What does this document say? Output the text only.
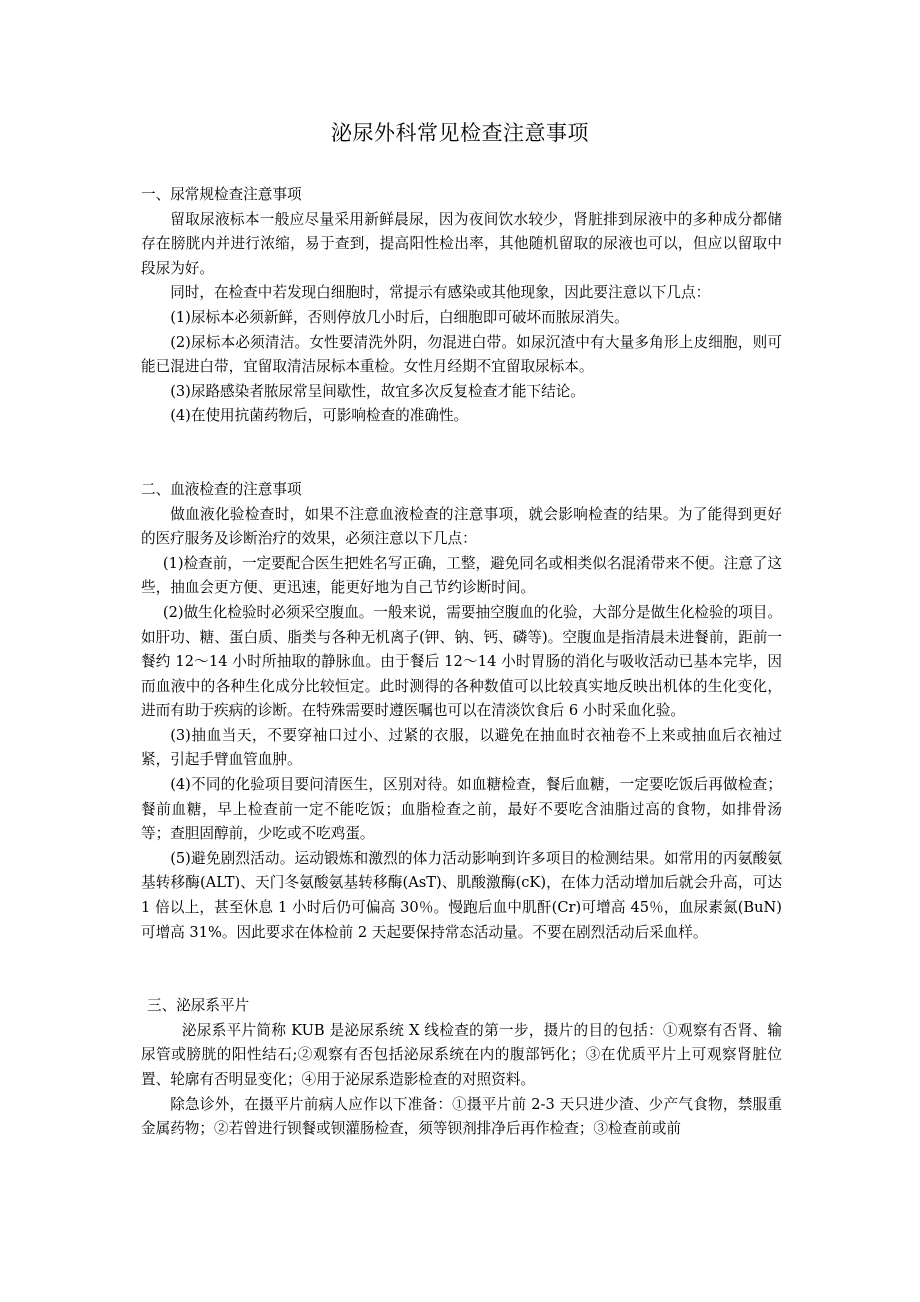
泌尿外科常见检查注意事项

一、尿常规检查注意事项

留取尿液标本一般应尽量采用新鲜晨尿，因为夜间饮水较少，肾脏排到尿液中的多种成分都储存在膀胱内并进行浓缩，易于查到，提高阳性检出率，其他随机留取的尿液也可以，但应以留取中段尿为好。

同时，在检查中若发现白细胞时，常提示有感染或其他现象，因此要注意以下几点：

(1)尿标本必须新鲜，否则停放几小时后，白细胞即可破坏而脓尿消失。

(2)尿标本必须清洁。女性要清洗外阴，勿混进白带。如尿沉渣中有大量多角形上皮细胞，则可能已混进白带，宜留取清洁尿标本重检。女性月经期不宜留取尿标本。

(3)尿路感染者脓尿常呈间歇性，故宜多次反复检查才能下结论。

(4)在使用抗菌药物后，可影响检查的准确性。

二、血液检查的注意事项

做血液化验检查时，如果不注意血液检查的注意事项，就会影响检查的结果。为了能得到更好的医疗服务及诊断治疗的效果，必须注意以下几点：

(1)检查前，一定要配合医生把姓名写正确，工整，避免同名或相类似名混淆带来不便。注意了这些，抽血会更方便、更迅速，能更好地为自己节约诊断时间。

(2)做生化检验时必须采空腹血。一般来说，需要抽空腹血的化验，大部分是做生化检验的项目。如肝功、糖、蛋白质、脂类与各种无机离子(钾、钠、钙、磷等)。空腹血是指清晨未进餐前，距前一餐约 12～14 小时所抽取的静脉血。由于餐后 12～14 小时胃肠的消化与吸收活动已基本完毕，因而血液中的各种生化成分比较恒定。此时测得的各种数值可以比较真实地反映出机体的生化变化，进而有助于疾病的诊断。在特殊需要时遵医嘱也可以在清淡饮食后 6 小时采血化验。

(3)抽血当天，不要穿袖口过小、过紧的衣服，以避免在抽血时衣袖卷不上来或抽血后衣袖过紧，引起手臂血管血肿。

(4)不同的化验项目要问清医生，区别对待。如血糖检查，餐后血糖，一定要吃饭后再做检查；餐前血糖，早上检查前一定不能吃饭；血脂检查之前，最好不要吃含油脂过高的食物，如排骨汤等；查胆固醇前，少吃或不吃鸡蛋。

(5)避免剧烈活动。运动锻炼和激烈的体力活动影响到许多项目的检测结果。如常用的丙氨酸氨基转移酶(ALT)、天门冬氨酸氨基转移酶(AsT)、肌酸激酶(cK)，在体力活动增加后就会升高，可达 1 倍以上，甚至休息 1 小时后仍可偏高 30％。慢跑后血中肌酐(Cr)可增高 45％，血尿素氮(BuN)可增高 31%。因此要求在体检前 2 天起要保持常态活动量。不要在剧烈活动后采血样。

三、泌尿系平片

泌尿系平片简称 KUB 是泌尿系统 X 线检查的第一步，摄片的目的包括：①观察有否肾、输尿管或膀胱的阳性结石;②观察有否包括泌尿系统在内的腹部钙化；③在优质平片上可观察肾脏位置、轮廓有否明显变化；④用于泌尿系造影检查的对照资料。

除急诊外，在摄平片前病人应作以下准备：①摄平片前 2-3 天只进少渣、少产气食物，禁服重金属药物；②若曾进行钡餐或钡灌肠检查，须等钡剂排净后再作检查；③检查前或前
